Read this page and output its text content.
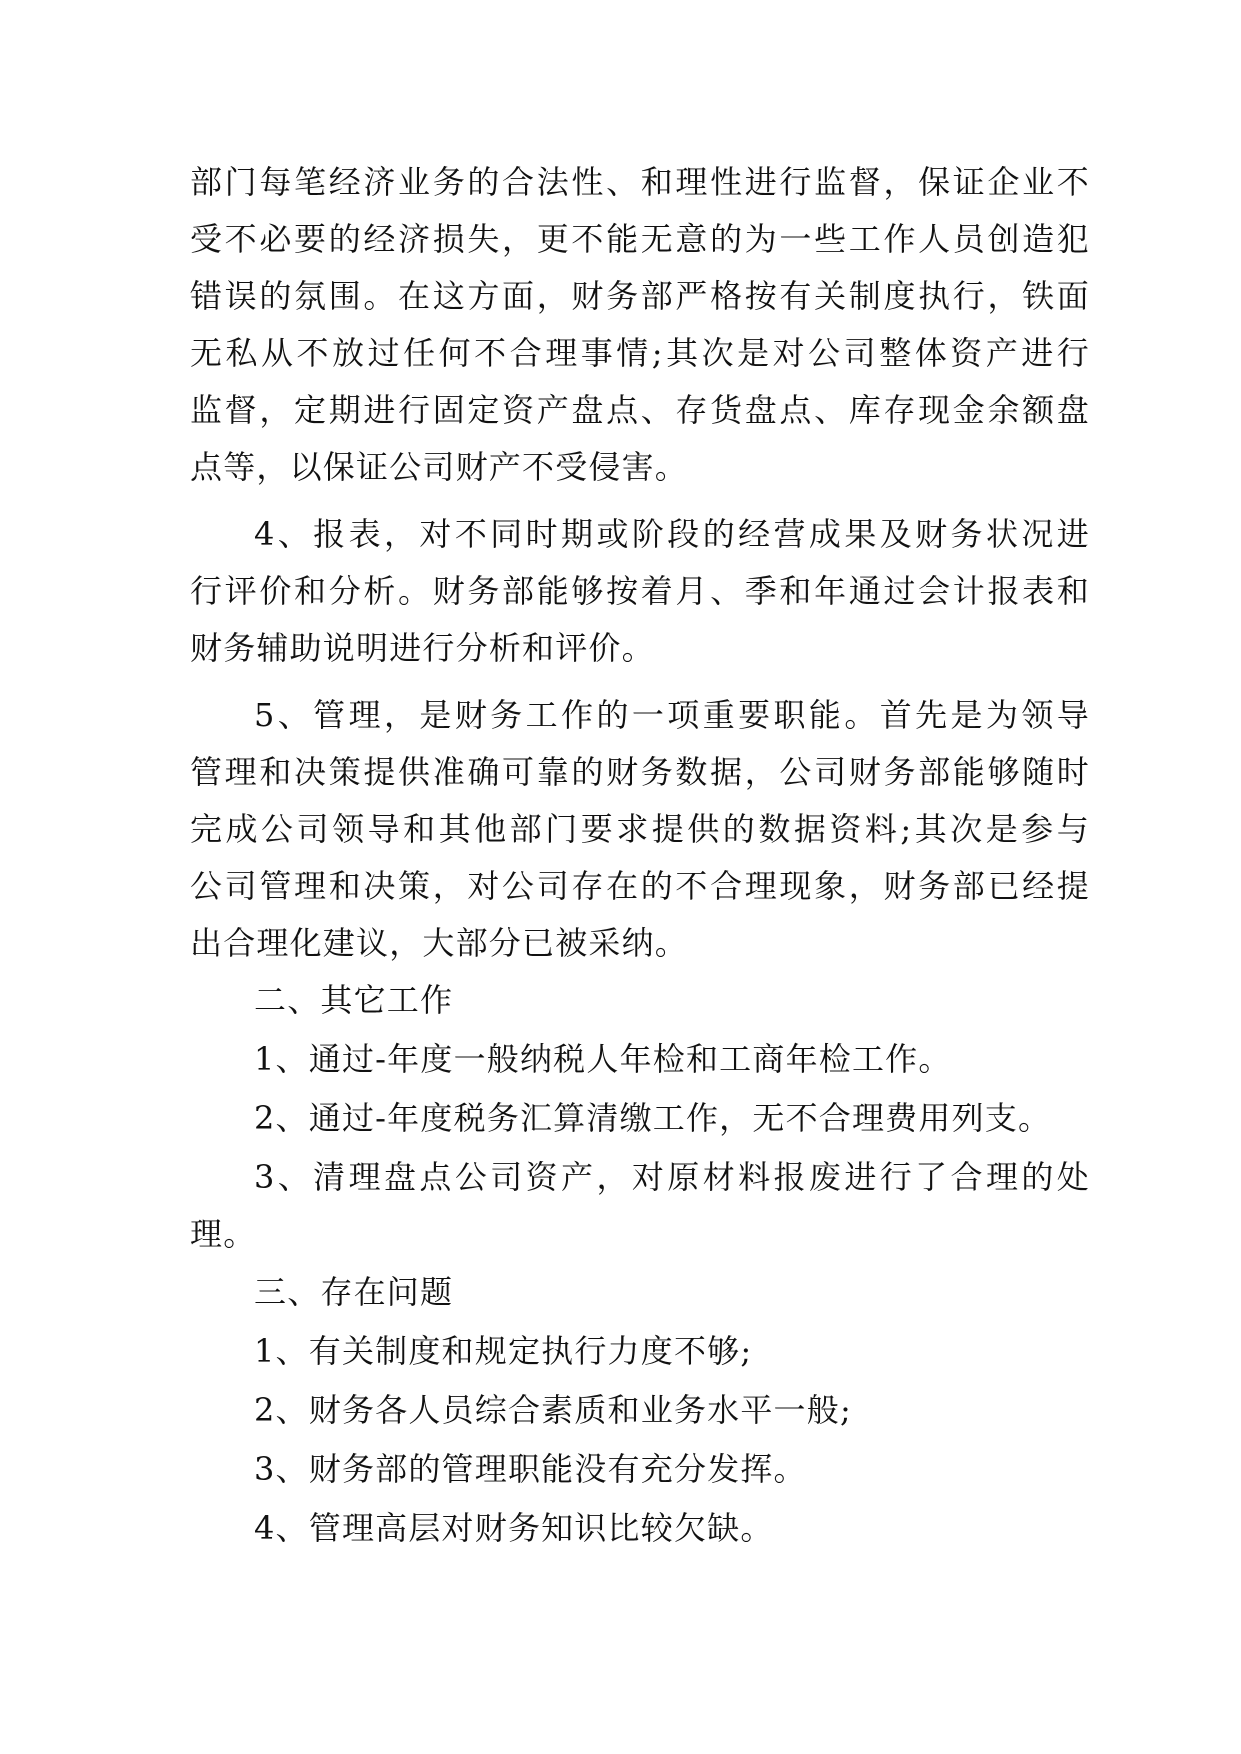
部门每笔经济业务的合法性、和理性进行监督，保证企业不
受不必要的经济损失，更不能无意的为一些工作人员创造犯
错误的氛围。在这方面，财务部严格按有关制度执行，铁面
无私从不放过任何不合理事情;其次是对公司整体资产进行
监督，定期进行固定资产盘点、存货盘点、库存现金余额盘
点等，以保证公司财产不受侵害。
4、报表，对不同时期或阶段的经营成果及财务状况进
行评价和分析。财务部能够按着月、季和年通过会计报表和
财务辅助说明进行分析和评价。
5、管理，是财务工作的一项重要职能。首先是为领导
管理和决策提供准确可靠的财务数据，公司财务部能够随时
完成公司领导和其他部门要求提供的数据资料;其次是参与
公司管理和决策，对公司存在的不合理现象，财务部已经提
出合理化建议，大部分已被采纳。
二、其它工作
1、通过-年度一般纳税人年检和工商年检工作。
2、通过-年度税务汇算清缴工作，无不合理费用列支。
3、清理盘点公司资产，对原材料报废进行了合理的处
理。
三、存在问题
1、有关制度和规定执行力度不够;
2、财务各人员综合素质和业务水平一般;
3、财务部的管理职能没有充分发挥。
4、管理高层对财务知识比较欠缺。
